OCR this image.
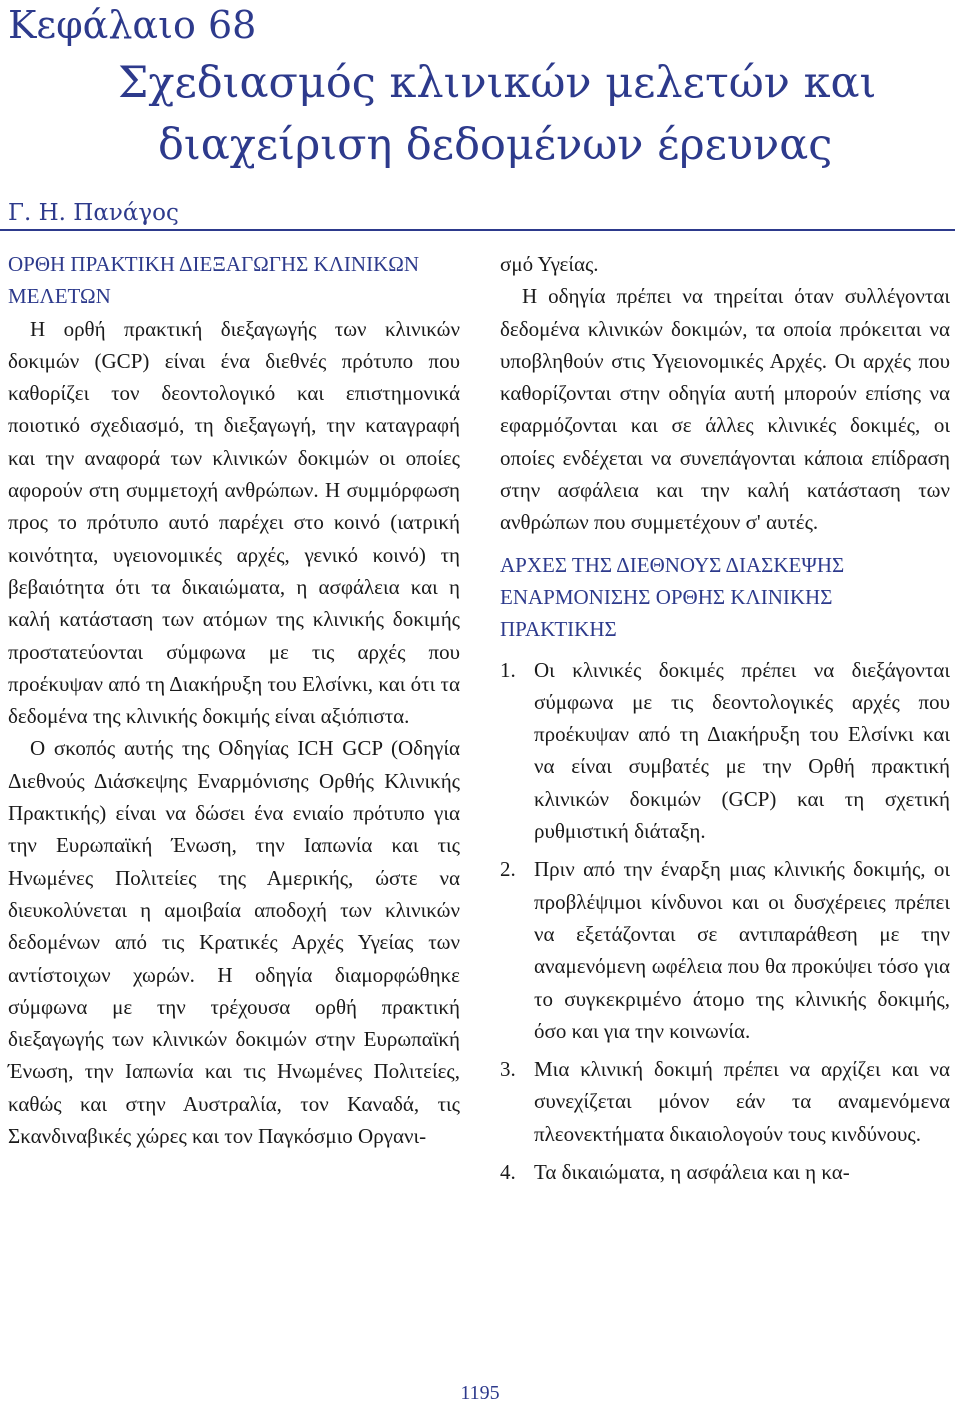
Κεφάλαιο 68
Σχεδιασμός κλινικών μελετών και
διαχείριση δεδομένων έρευνας
Γ. Η. Πανάγος
ΟΡΘΗ ΠΡΑΚΤΙΚΗ ΔΙΕΞΑΓΩΓΗΣ ΚΛΙΝΙΚΩΝ ΜΕΛΕΤΩΝ

Η ορθή πρακτική διεξαγωγής των κλινικών δοκιμών (GCP) είναι ένα διεθνές πρότυπο που καθορίζει τον δεοντολογικό και επιστημονικά ποιοτικό σχεδιασμό, τη διεξαγωγή, την καταγραφή και την αναφορά των κλινικών δοκιμών οι οποίες αφορούν στη συμμετοχή ανθρώπων. Η συμμόρφωση προς το πρότυπο αυτό παρέχει στο κοινό (ιατρική κοινότητα, υγειονομικές αρχές, γενικό κοινό) τη βεβαιότητα ότι τα δικαιώματα, η ασφάλεια και η καλή κατάσταση των ατόμων της κλινικής δοκιμής προστατεύονται σύμφωνα με τις αρχές που προέκυψαν από τη Διακήρυξη του Ελσίνκι, και ότι τα δεδομένα της κλινικής δοκιμής είναι αξιόπιστα.

Ο σκοπός αυτής της Οδηγίας ICH GCP (Οδηγία Διεθνούς Διάσκεψης Εναρμόνισης Ορθής Κλινικής Πρακτικής) είναι να δώσει ένα ενιαίο πρότυπο για την Ευρωπαϊκή Ένωση, την Ιαπωνία και τις Ηνωμένες Πολιτείες της Αμερικής, ώστε να διευκολύνεται η αμοιβαία αποδοχή των κλινικών δεδομένων από τις Κρατικές Αρχές Υγείας των αντίστοιχων χωρών. Η οδηγία διαμορφώθηκε σύμφωνα με την τρέχουσα ορθή πρακτική διεξαγωγής των κλινικών δοκιμών στην Ευρωπαϊκή Ένωση, την Ιαπωνία και τις Ηνωμένες Πολιτείες, καθώς και στην Αυστραλία, τον Καναδά, τις Σκανδιναβικές χώρες και τον Παγκόσμιο Οργανι-

σμό Υγείας.

Η οδηγία πρέπει να τηρείται όταν συλλέγονται δεδομένα κλινικών δοκιμών, τα οποία πρόκειται να υποβληθούν στις Υγειονομικές Αρχές. Οι αρχές που καθορίζονται στην οδηγία αυτή μπορούν επίσης να εφαρμόζονται και σε άλλες κλινικές δοκιμές, οι οποίες ενδέχεται να συνεπάγονται κάποια επίδραση στην ασφάλεια και την καλή κατάσταση των ανθρώπων που συμμετέχουν σ' αυτές.

ΑΡΧΕΣ ΤΗΣ ΔΙΕΘΝΟΥΣ ΔΙΑΣΚΕΨΗΣ ΕΝΑΡΜΟΝΙΣΗΣ ΟΡΘΗΣ ΚΛΙΝΙΚΗΣ ΠΡΑΚΤΙΚΗΣ
1. Οι κλινικές δοκιμές πρέπει να διεξάγονται σύμφωνα με τις δεοντολογικές αρχές που προέκυψαν από τη Διακήρυξη του Ελσίνκι και να είναι συμβατές με την Ορθή πρακτική κλινικών δοκιμών (GCP) και τη σχετική ρυθμιστική διάταξη.
2. Πριν από την έναρξη μιας κλινικής δοκιμής, οι προβλέψιμοι κίνδυνοι και οι δυσχέρειες πρέπει να εξετάζονται σε αντιπαράθεση με την αναμενόμενη ωφέλεια που θα προκύψει τόσο για το συγκεκριμένο άτομο της κλινικής δοκιμής, όσο και για την κοινωνία.
3. Μια κλινική δοκιμή πρέπει να αρχίζει και να συνεχίζεται μόνον εάν τα αναμενόμενα πλεονεκτήματα δικαιολογούν τους κινδύνους.
4. Τα δικαιώματα, η ασφάλεια και η κα-
1195
